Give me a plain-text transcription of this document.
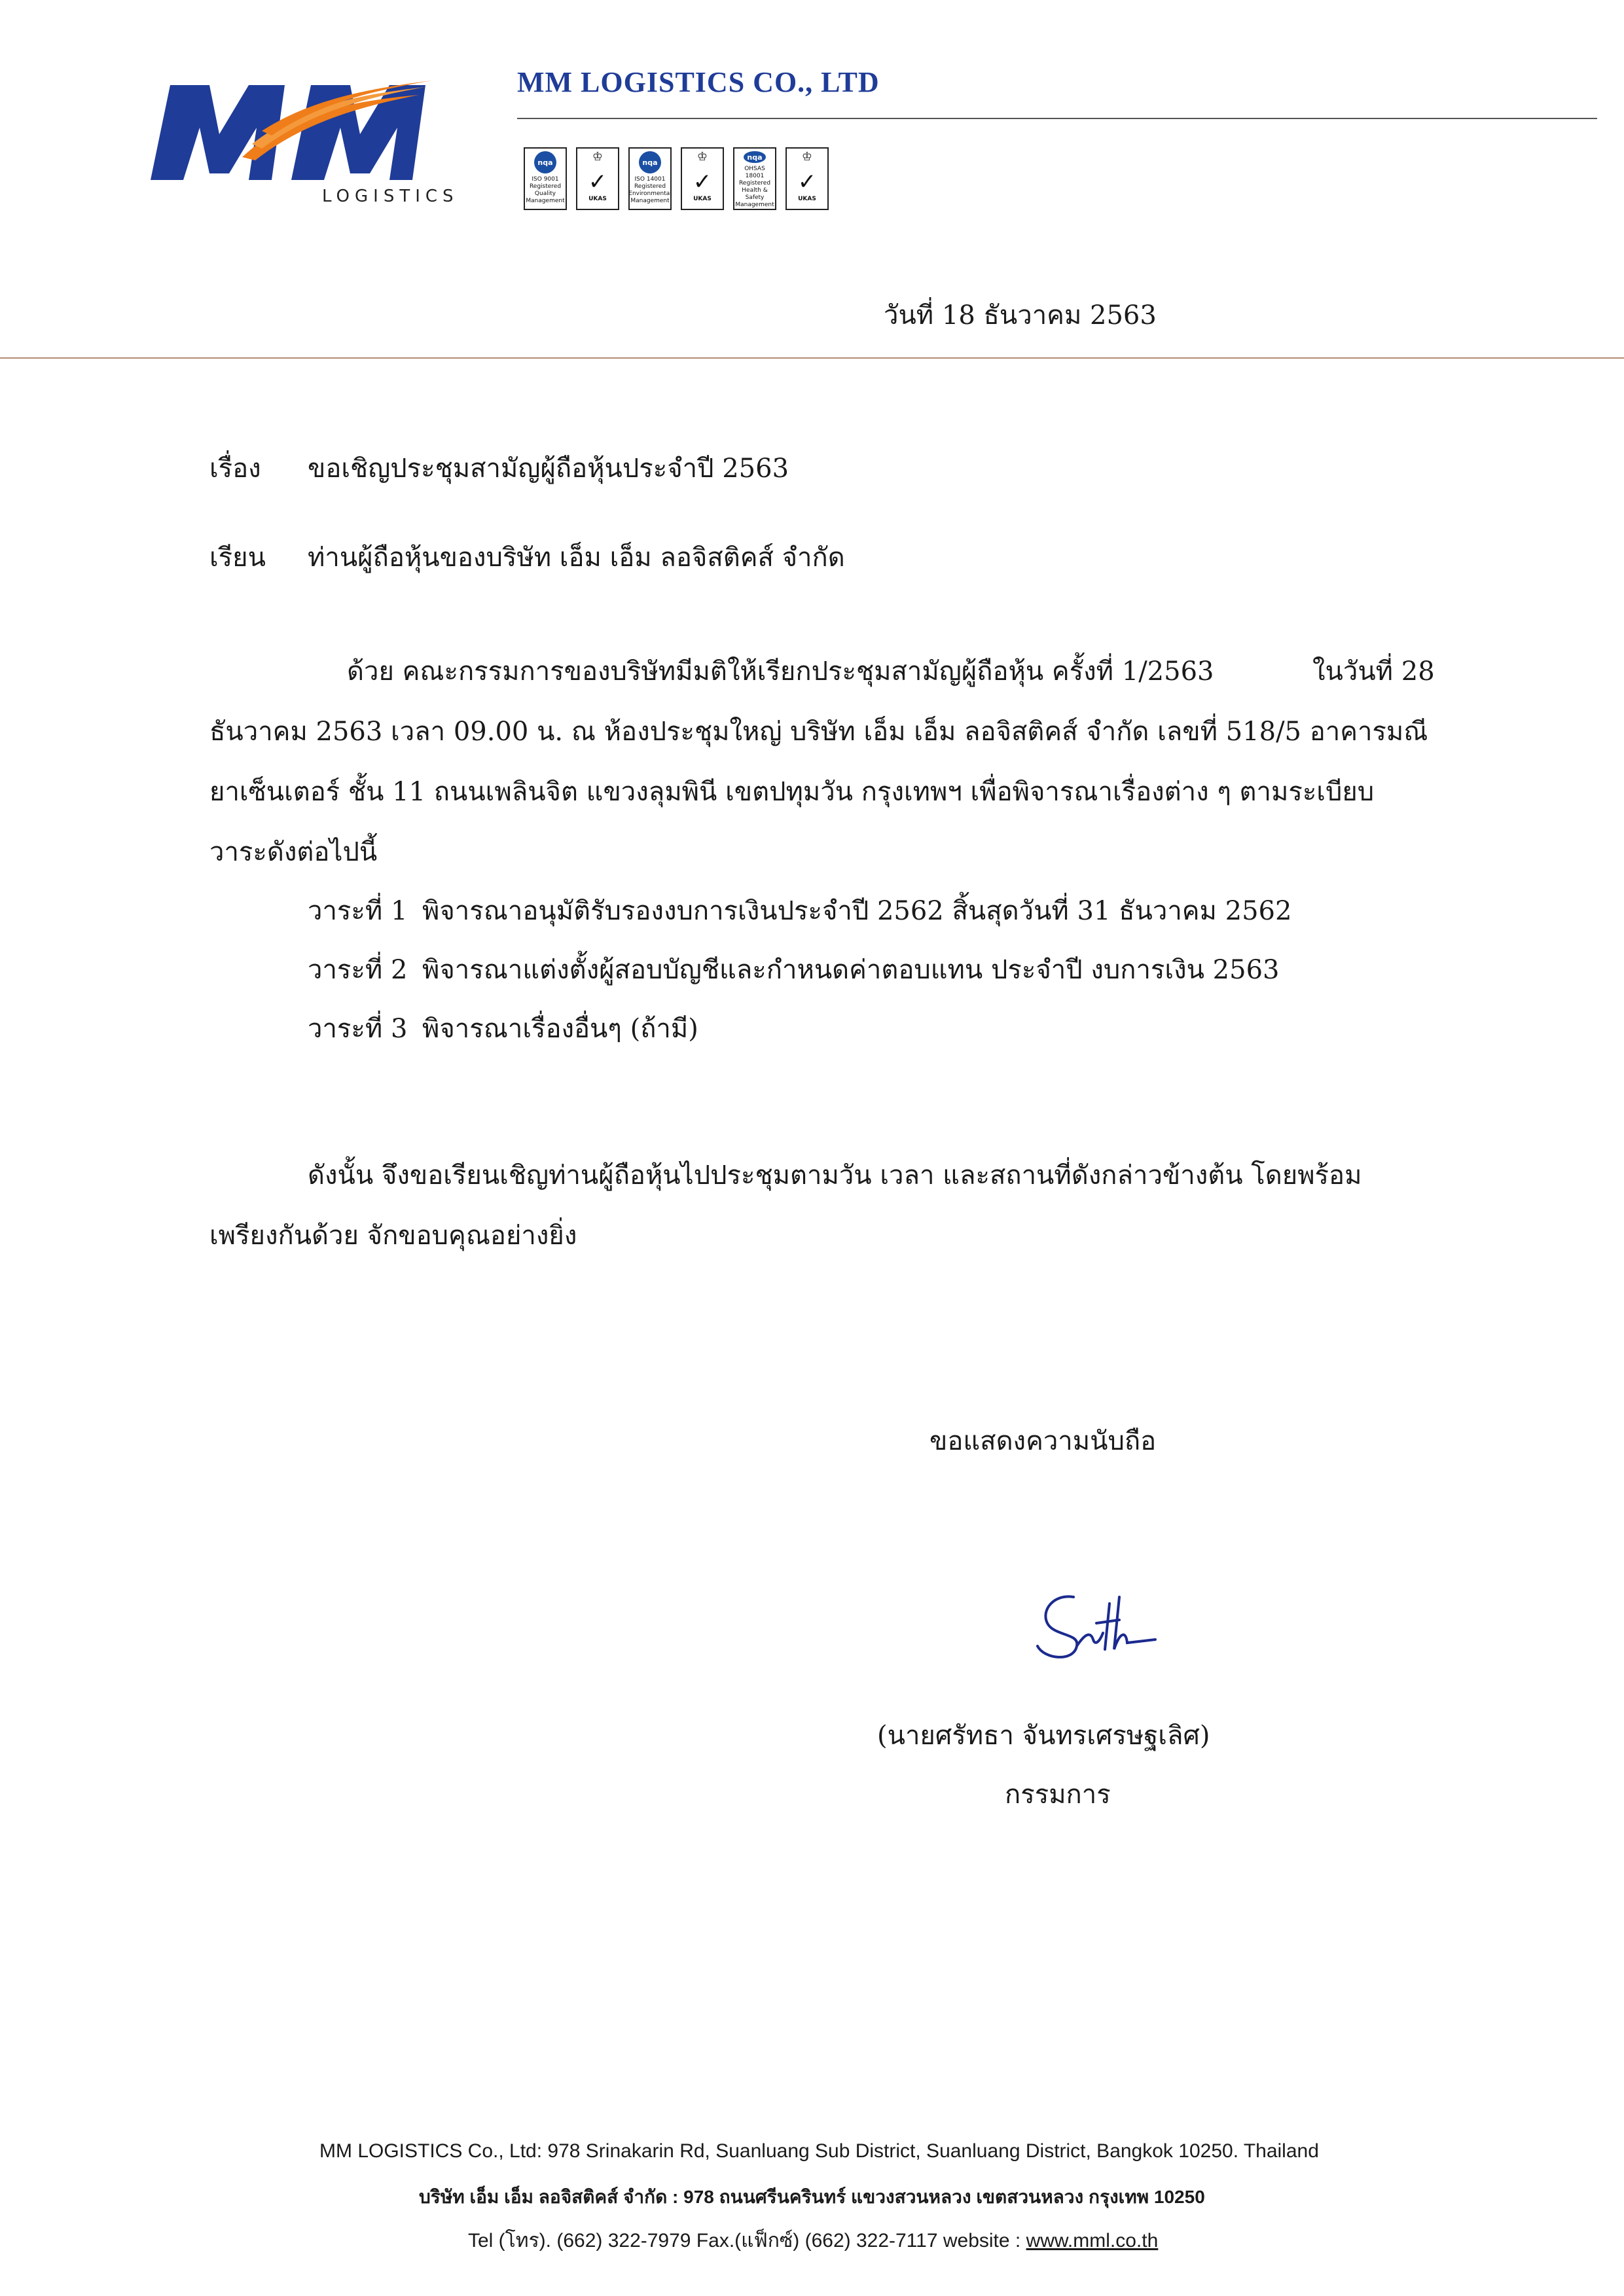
LOGISTICS
MM LOGISTICS CO., LTD
nqa
ISO 9001
Registered
Quality Management
♔
✓
UKAS
nqa
ISO 14001
Registered
Environmental Management
♔
✓
UKAS
nqa
OHSAS 18001
Registered
Health & Safety Management
♔
✓
UKAS
วันที่ 18 ธันวาคม 2563
เรื่อง ขอเชิญประชุมสามัญผู้ถือหุ้นประจำปี 2563
เรียน ท่านผู้ถือหุ้นของบริษัท เอ็ม เอ็ม ลอจิสติคส์ จำกัด
ด้วย คณะกรรมการของบริษัทมีมติให้เรียกประชุมสามัญผู้ถือหุ้น ครั้งที่ 1/2563	ในวันที่ 28
ธันวาคม 2563 เวลา 09.00 น. ณ ห้องประชุมใหญ่ บริษัท เอ็ม เอ็ม ลอจิสติคส์ จำกัด เลขที่ 518/5 อาคารมณี
ยาเซ็นเตอร์ ชั้น 11 ถนนเพลินจิต แขวงลุมพินี เขตปทุมวัน กรุงเทพฯ เพื่อพิจารณาเรื่องต่าง ๆ ตามระเบียบ
วาระดังต่อไปนี้
วาระที่ 1 พิจารณาอนุมัติรับรองงบการเงินประจำปี 2562 สิ้นสุดวันที่ 31 ธันวาคม 2562
วาระที่ 2 พิจารณาแต่งตั้งผู้สอบบัญชีและกำหนดค่าตอบแทน ประจำปี งบการเงิน 2563
วาระที่ 3 พิจารณาเรื่องอื่นๆ (ถ้ามี)
ดังนั้น จึงขอเรียนเชิญท่านผู้ถือหุ้นไปประชุมตามวัน เวลา และสถานที่ดังกล่าวข้างต้น โดยพร้อม
เพรียงกันด้วย จักขอบคุณอย่างยิ่ง
ขอแสดงความนับถือ
(นายศรัทธา จันทรเศรษฐเลิศ)
กรรมการ
MM LOGISTICS Co., Ltd: 978 Srinakarin Rd, Suanluang Sub District, Suanluang District, Bangkok 10250. Thailand
บริษัท เอ็ม เอ็ม ลอจิสติคส์ จำกัด : 978 ถนนศรีนครินทร์ แขวงสวนหลวง เขตสวนหลวง กรุงเทพ 10250
Tel (โทร). (662) 322-7979 Fax.(แฟ็กซ์) (662) 322-7117 website : www.mml.co.th
